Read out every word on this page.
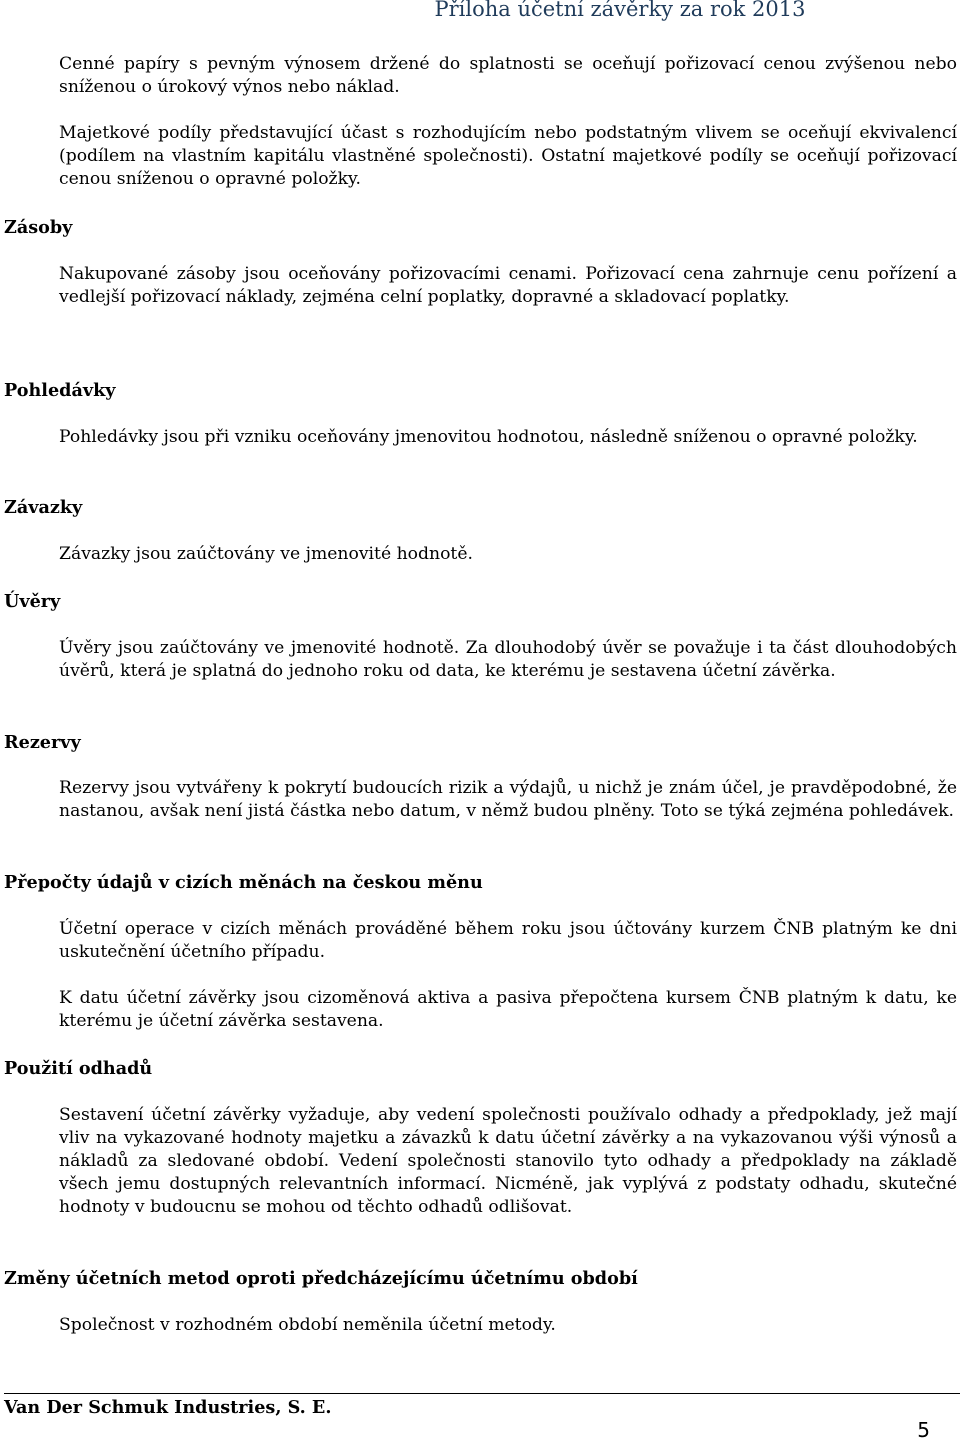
Příloha účetní závěrky za rok 2013

Cenné papíry s pevným výnosem držené do splatnosti se oceňují pořizovací cenou zvýšenou nebo sníženou o úrokový výnos nebo náklad.

Majetkové podíly představující účast s rozhodujícím nebo podstatným vlivem se oceňují ekvivalencí (podílem na vlastním kapitálu vlastněné společnosti). Ostatní majetkové podíly se oceňují pořizovací cenou sníženou o opravné položky.

Zásoby

Nakupované zásoby jsou oceňovány pořizovacími cenami. Pořizovací cena zahrnuje cenu pořízení a vedlejší pořizovací náklady, zejména celní poplatky, dopravné a skladovací poplatky.

Pohledávky

Pohledávky jsou při vzniku oceňovány jmenovitou hodnotou, následně sníženou o opravné položky.

Závazky

Závazky jsou zaúčtovány ve jmenovité hodnotě.

Úvěry

Úvěry jsou zaúčtovány ve jmenovité hodnotě. Za dlouhodobý úvěr se považuje i ta část dlouhodobých úvěrů, která je splatná do jednoho roku od data, ke kterému je sestavena účetní závěrka.

Rezervy

Rezervy jsou vytvářeny k pokrytí budoucích rizik a výdajů, u nichž je znám účel, je pravděpodobné, že nastanou, avšak není jistá částka nebo datum, v němž budou plněny. Toto se týká zejména pohledávek.

Přepočty údajů v cizích měnách na českou měnu

Účetní operace v cizích měnách prováděné během roku jsou účtovány kurzem ČNB platným ke dni uskutečnění účetního případu.

K datu účetní závěrky jsou cizoměnová aktiva a pasiva přepočtena kursem ČNB platným k datu, ke kterému je účetní závěrka sestavena.

Použití odhadů

Sestavení účetní závěrky vyžaduje, aby vedení společnosti používalo odhady a předpoklady, jež mají vliv na vykazované hodnoty majetku a závazků k datu účetní závěrky a na vykazovanou výši výnosů a nákladů za sledované období. Vedení společnosti stanovilo tyto odhady a předpoklady na základě všech jemu dostupných relevantních informací. Nicméně, jak vyplývá z podstaty odhadu, skutečné hodnoty v budoucnu se mohou od těchto odhadů odlišovat.

Změny účetních metod oproti předcházejícímu účetnímu období

Společnost v rozhodném období neměnila účetní metody.

Van Der Schmuk Industries, S. E.
5
